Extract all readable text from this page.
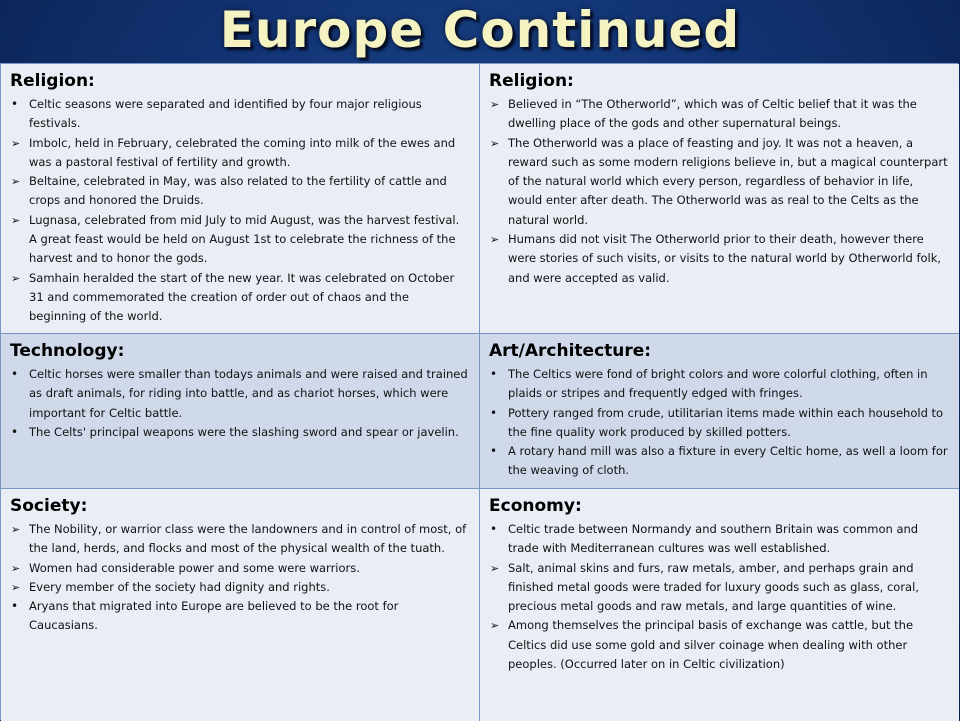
Europe Continued
Religion:
•
Celtic seasons were separated and identified by four major religious festivals.
➢
Imbolc, held in February, celebrated the coming into milk of the ewes and was a pastoral festival of fertility and growth.
➢
Beltaine, celebrated in May, was also related to the fertility of cattle and crops and honored the Druids.
➢
Lugnasa, celebrated from mid July to mid August, was the harvest festival. A great feast would be held on August 1st to celebrate the richness of the harvest and to honor the gods.
➢
Samhain heralded the start of the new year. It was celebrated on October 31 and commemorated the creation of order out of chaos and the beginning of the world.
Religion:
➢
Believed in “The Otherworld”, which was of Celtic belief that it was the dwelling place of the gods and other supernatural beings.
➢
The Otherworld was a place of feasting and joy. It was not a heaven, a reward such as some modern religions believe in, but a magical counterpart of the natural world which every person, regardless of behavior in life, would enter after death. The Otherworld was as real to the Celts as the natural world.
➢
Humans did not visit The Otherworld prior to their death, however there were stories of such visits, or visits to the natural world by Otherworld folk, and were accepted as valid.
Technology:
•
Celtic horses were smaller than todays animals and were raised and trained as draft animals, for riding into battle, and as chariot horses, which were important for Celtic battle.
•
The Celts' principal weapons were the slashing sword and spear or javelin.
Art/Architecture:
•
The Celtics were fond of bright colors and wore colorful clothing, often in plaids or stripes and frequently edged with fringes.
•
Pottery ranged from crude, utilitarian items made within each household to the fine quality work produced by skilled potters.
•
A rotary hand mill was also a fixture in every Celtic home, as well a loom for the weaving of cloth.
Society:
➢
The Nobility, or warrior class were the landowners and in control of most, of the land, herds, and flocks and most of the physical wealth of the tuath.
➢
Women had considerable power and some were warriors.
➢
Every member of the society had dignity and rights.
•
Aryans that migrated into Europe are believed to be the root for Caucasians.
Economy:
•
Celtic trade between Normandy and southern Britain was common and trade with Mediterranean cultures was well established.
➢
Salt, animal skins and furs, raw metals, amber, and perhaps grain and finished metal goods were traded for luxury goods such as glass, coral, precious metal goods and raw metals, and large quantities of wine.
➢
Among themselves the principal basis of exchange was cattle, but the Celtics did use some gold and silver coinage when dealing with other peoples. (Occurred later on in Celtic civilization)
